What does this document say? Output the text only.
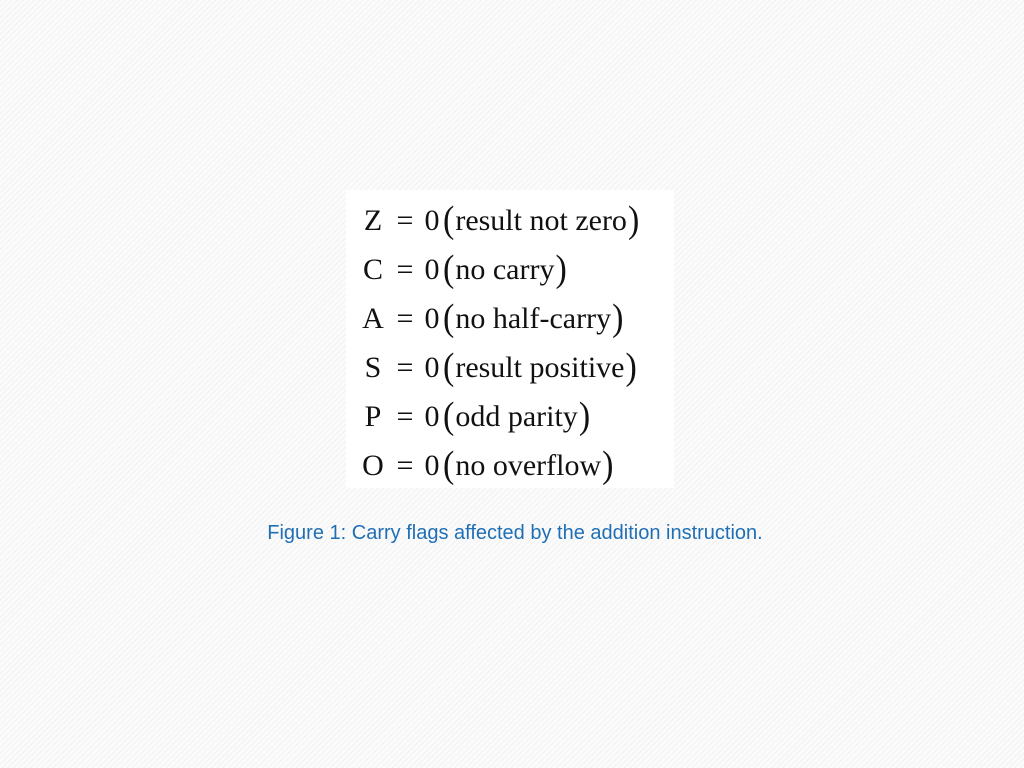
Z = 0 ( result not zero )
C = 0 ( no carry )
A = 0 ( no half-carry )
S = 0 ( result positive )
P = 0 ( odd parity )
O = 0 ( no overflow )
Figure 1: Carry flags affected by the addition instruction.
